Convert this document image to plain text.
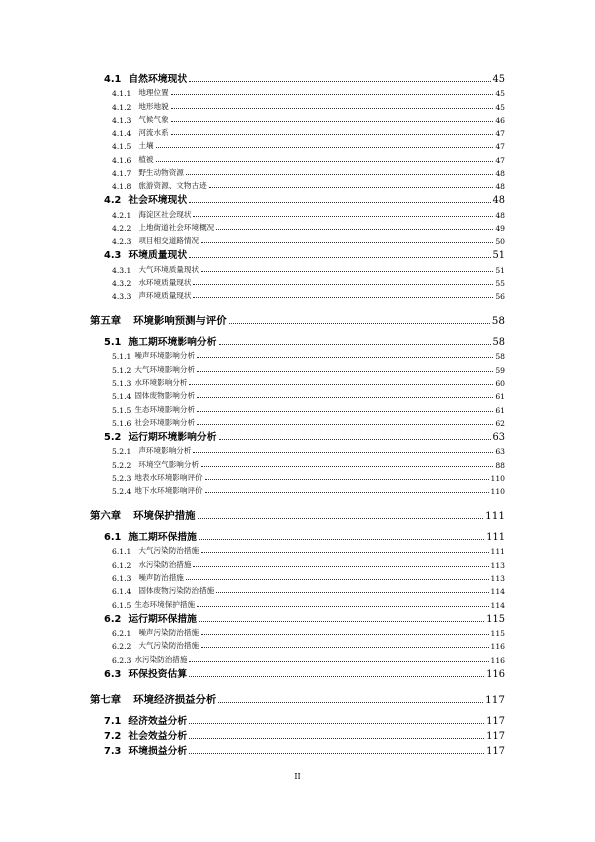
4.1 自然环境现状	45
4.1.1 地理位置	45
4.1.2 地形地貌	45
4.1.3 气候气象	46
4.1.4 河流水系	47
4.1.5 土壤	47
4.1.6 植被	47
4.1.7 野生动物资源	48
4.1.8 旅游资源、文物古迹	48
4.2 社会环境现状	48
4.2.1 海淀区社会现状	48
4.2.2 上地街道社会环境概况	49
4.2.3 项目相交道路情况	50
4.3 环境质量现状	51
4.3.1 大气环境质量现状	51
4.3.2 水环境质量现状	55
4.3.3 声环境质量现状	56
第五章 环境影响预测与评价	58
5.1 施工期环境影响分析	58
5.1.1 噪声环境影响分析	58
5.1.2 大气环境影响分析	59
5.1.3 水环境影响分析	60
5.1.4 固体废物影响分析	61
5.1.5 生态环境影响分析	61
5.1.6 社会环境影响分析	62
5.2 运行期环境影响分析	63
5.2.1 声环境影响分析	63
5.2.2 环境空气影响分析	88
5.2.3 地表水环境影响评价	110
5.2.4 地下水环境影响评价	110
第六章 环境保护措施	111
6.1 施工期环保措施	111
6.1.1 大气污染防治措施	111
6.1.2 水污染防治措施	113
6.1.3 噪声防治措施	113
6.1.4 固体废物污染防治措施	114
6.1.5 生态环境保护措施	114
6.2 运行期环保措施	115
6.2.1 噪声污染防治措施	115
6.2.2 大气污染防治措施	116
6.2.3 水污染防治措施	116
6.3 环保投资估算	116
第七章 环境经济损益分析	117
7.1 经济效益分析	117
7.2 社会效益分析	117
7.3 环境损益分析	117
II
